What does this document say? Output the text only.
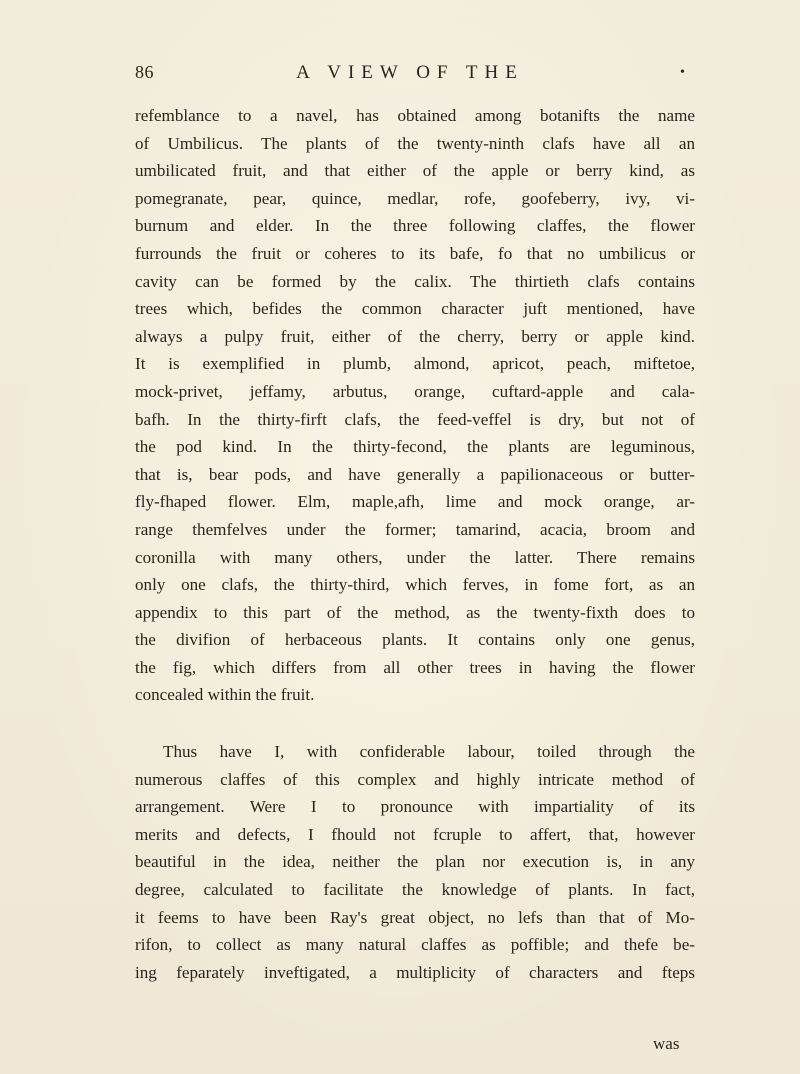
86	A VIEW OF THE	•
refemblance to a navel, has obtained among botanifts the name
of Umbilicus. The plants of the twenty-ninth clafs have all an
umbilicated fruit, and that either of the apple or berry kind, as
pomegranate, pear, quince, medlar, rofe, goofeberry, ivy, vi-
burnum and elder. In the three following claffes, the flower
furrounds the fruit or coheres to its bafe, fo that no umbilicus or
cavity can be formed by the calix. The thirtieth clafs contains
trees which, befides the common character juft mentioned, have
always a pulpy fruit, either of the cherry, berry or apple kind.
It is exemplified in plumb, almond, apricot, peach, miftetoe,
mock-privet, jeffamy, arbutus, orange, cuftard-apple and cala-
bafh. In the thirty-firft clafs, the feed-veffel is dry, but not of
the pod kind. In the thirty-fecond, the plants are leguminous,
that is, bear pods, and have generally a papilionaceous or butter-
fly-fhaped flower. Elm, maple,afh, lime and mock orange, ar-
range themfelves under the former; tamarind, acacia, broom and
coronilla with many others, under the latter. There remains
only one clafs, the thirty-third, which ferves, in fome fort, as an
appendix to this part of the method, as the twenty-fixth does to
the divifion of herbaceous plants. It contains only one genus,
the fig, which differs from all other trees in having the flower
concealed within the fruit.
Thus have I, with confiderable labour, toiled through the
numerous claffes of this complex and highly intricate method of
arrangement. Were I to pronounce with impartiality of its
merits and defects, I fhould not fcruple to affert, that, however
beautiful in the idea, neither the plan nor execution is, in any
degree, calculated to facilitate the knowledge of plants. In fact,
it feems to have been Ray's great object, no lefs than that of Mo-
rifon, to collect as many natural claffes as poffible; and thefe be-
ing feparately inveftigated, a multiplicity of characters and fteps
was
